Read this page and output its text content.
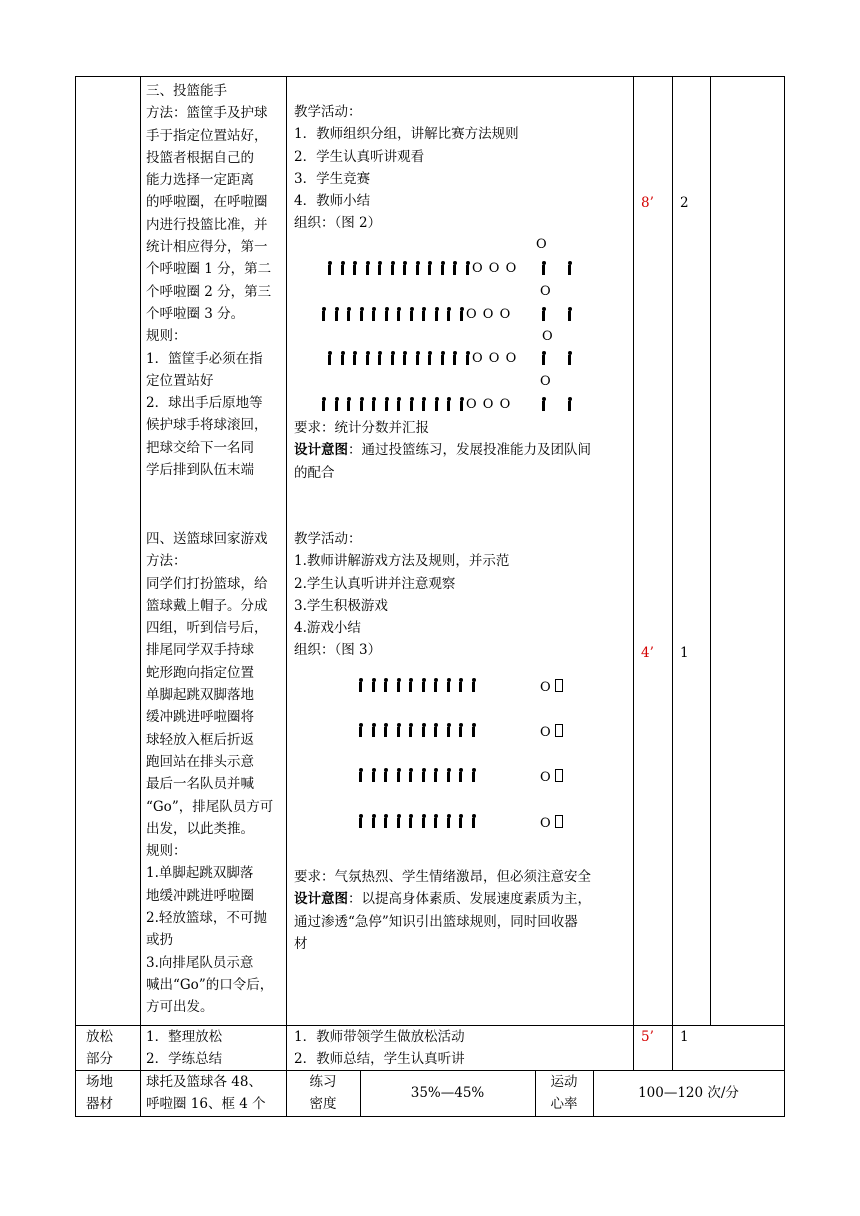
三、投篮能手
方法：篮筐手及护球
手于指定位置站好，
投篮者根据自己的
能力选择一定距离
的呼啦圈，在呼啦圈
内进行投篮比准，并
统计相应得分，第一
个呼啦圈 1 分，第二
个呼啦圈 2 分，第三
个呼啦圈 3 分。
规则：
1．篮筐手必须在指
定位置站好
2．球出手后原地等
候护球手将球滚回，
把球交给下一名同
学后排到队伍末端
教学活动：
1．教师组织分组，讲解比赛方法规则
2．学生认真听讲观看
3．学生竞赛
4．教师小结
组织：（图 2）
O
O O O
O
O O O
O
O O O
O
O O O
要求：统计分数并汇报
设计意图：通过投篮练习，发展投准能力及团队间
的配合
8’ 2
四、送篮球回家游戏
方法：
同学们打扮篮球，给
篮球戴上帽子。分成
四组，听到信号后，
排尾同学双手持球
蛇形跑向指定位置
单脚起跳双脚落地
缓冲跳进呼啦圈将
球轻放入框后折返
跑回站在排头示意
最后一名队员并喊
“Go”，排尾队员方可
出发，以此类推。
规则：
1.单脚起跳双脚落
地缓冲跳进呼啦圈
2.轻放篮球，不可抛
或扔
3.向排尾队员示意
喊出“Go”的口令后，
方可出发。
教学活动：
1.教师讲解游戏方法及规则，并示范
2.学生认真听讲并注意观察
3.学生积极游戏
4.游戏小结
组织：（图 3）
O
O
O
O
要求：气氛热烈、学生情绪激昂，但必须注意安全
设计意图：以提高身体素质、发展速度素质为主，
通过渗透“急停”知识引出篮球规则，同时回收器
材
4’ 1
放松
部分
1．整理放松
2．学练总结
1．教师带领学生做放松活动
2．教师总结，学生认真听讲
5’ 1
场地
器材
球托及篮球各 48、
呼啦圈 16、框 4 个
练习
密度
35%—45%
运动
心率
100—120 次/分
